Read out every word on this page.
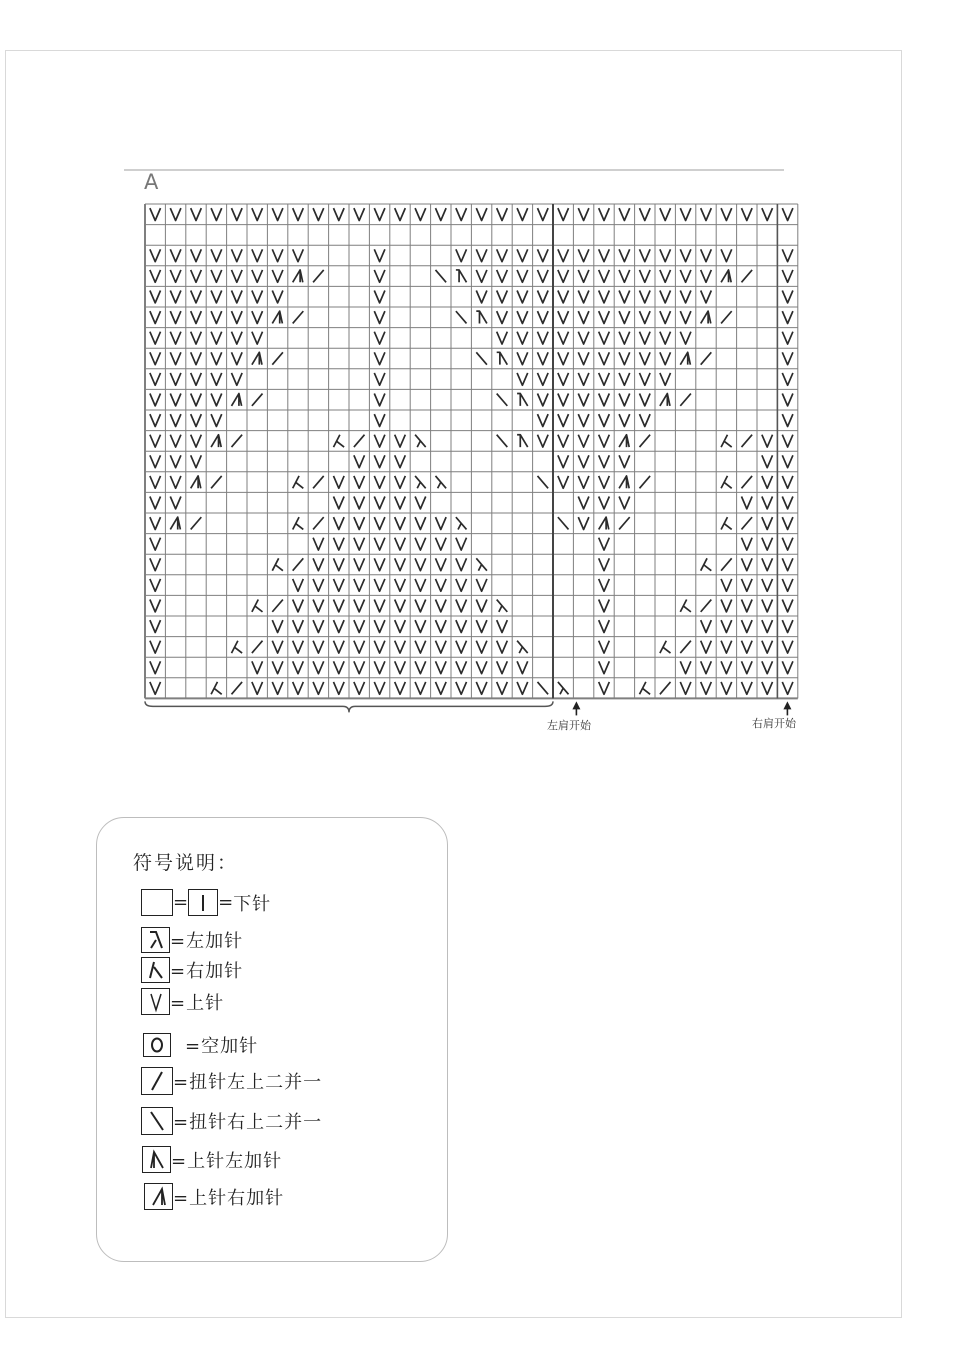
A
左肩开始	右肩开始
符号说明：
= = 下针
=左加针
=右加针
=上针
=空加针
=扭针左上二并一
=扭针右上二并一
=上针左加针
=上针右加针
